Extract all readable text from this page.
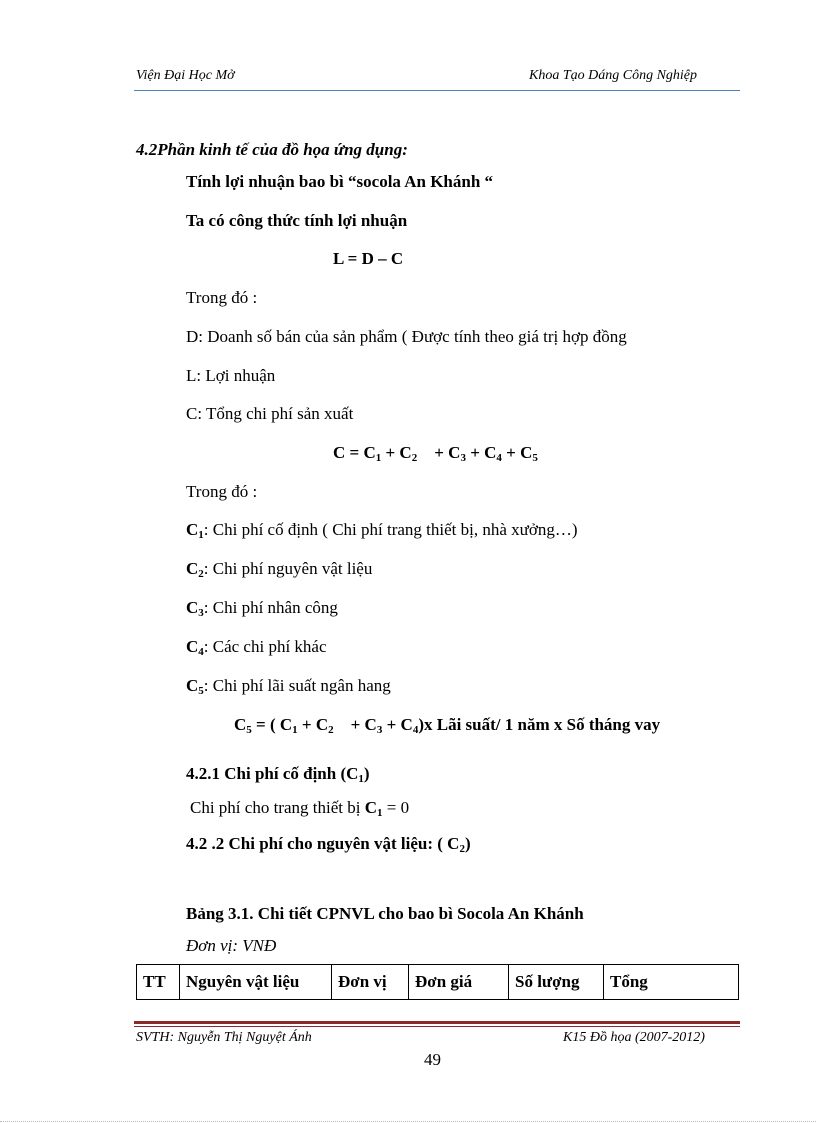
Viện Đại Học Mở	Khoa Tạo Dáng Công Nghiệp
4.2Phần kinh tế của đồ họa ứng dụng:
Tính lợi nhuận bao bì “socola An Khánh “
Ta có công thức tính lợi nhuận
L = D – C
Trong đó :
D: Doanh số bán của sản phẩm ( Được tính theo giá trị hợp đồng
L: Lợi nhuận
C: Tổng chi phí sản xuất
$C = C_1 + C_2$    + $C_3 + C_4 + C_5$
Trong đó :
$C_1$: Chi phí cố định ( Chi phí trang thiết bị, nhà xưởng…)
$C_2$: Chi phí nguyên vật liệu
$C_3$: Chi phí nhân công
$C_4$: Các chi phí khác
$C_5$: Chi phí lãi suất ngân hang
$C_5$ = ( $C_1 + C_2$    + $C_3 + C_4)x$ Lãi suất/ 1 năm x Số tháng vay
4.2.1 Chi phí cố định $(C_1)$
Chi phí cho trang thiết bị $C_1 = 0$
4.2 .2 Chi phí cho nguyên vật liệu: ( $C_2$)
Bảng 3.1. Chi tiết CPNVL cho bao bì Socola An Khánh
Đơn vị: VNĐ
TT	Nguyên vật liệu	Đơn vị	Đơn giá	Số lượng	Tổng
SVTH: Nguyễn Thị Nguyệt Ánh	K15 Đồ họa (2007-2012)
49
